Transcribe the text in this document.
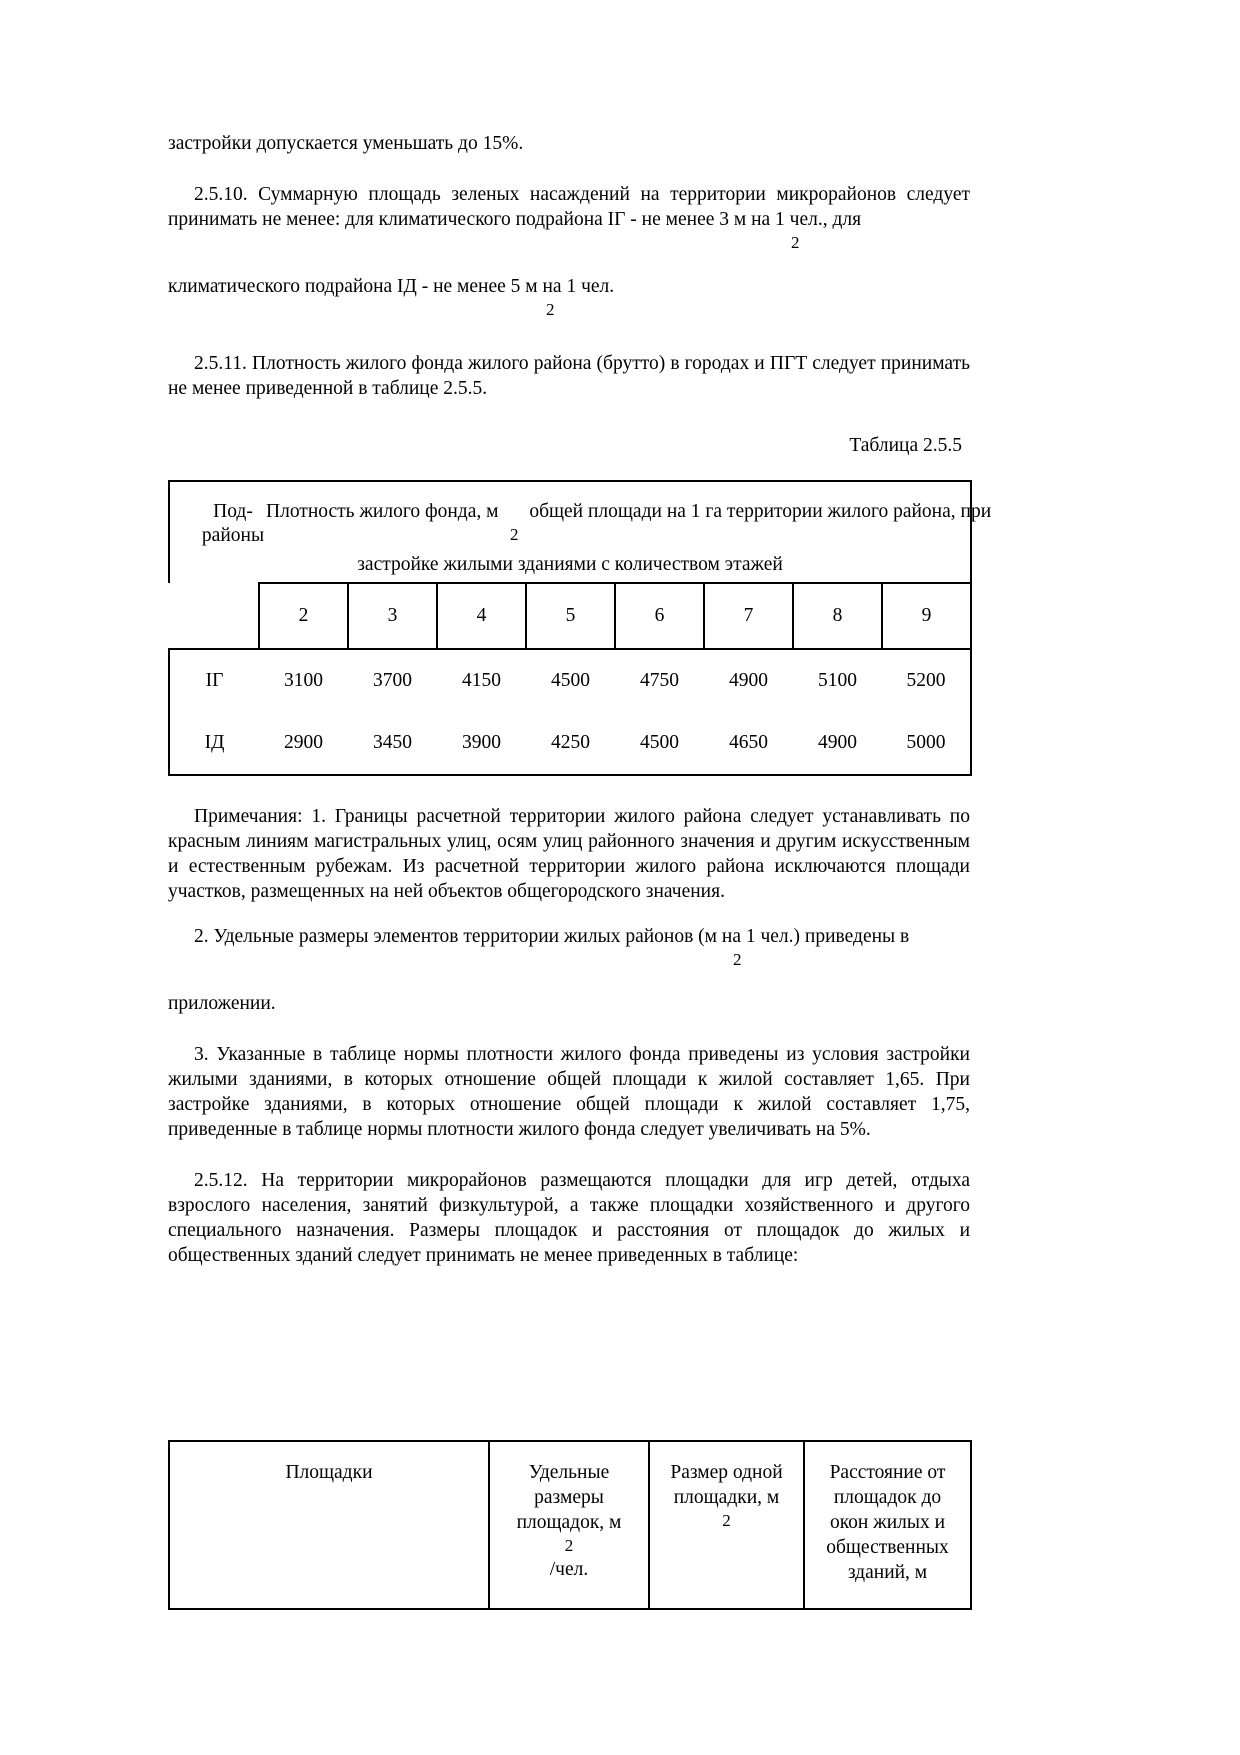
застройки допускается уменьшать до 15%.

2.5.10. Суммарную площадь зеленых насаждений на территории микрорайонов следует принимать не менее: для климатического подрайона IГ - не менее 3 м на 1 чел., для

2

климатического подрайона IД - не менее 5 м на 1 чел.

2

2.5.11. Плотность жилого фонда жилого района (брутто) в городах и ПГТ следует принимать не менее приведенной в таблице 2.5.5.

Таблица 2.5.5

Под-
районы
Плотность жилого фонда, м общей площади на 1 га территории жилого района, при
2
застройке жилыми зданиями с количеством этажей								

	2	3	4	5	6	7	8	9
IГ	3100	3700	4150	4500	4750	4900	5100	5200
IД	2900	3450	3900	4250	4500	4650	4900	5000

Примечания: 1. Границы расчетной территории жилого района следует устанавливать по красным линиям магистральных улиц, осям улиц районного значения и другим искусственным и естественным рубежам. Из расчетной территории жилого района исключаются площади участков, размещенных на ней объектов общегородского значения.

2. Удельные размеры элементов территории жилых районов (м на 1 чел.) приведены в

2

приложении.

3. Указанные в таблице нормы плотности жилого фонда приведены из условия застройки жилыми зданиями, в которых отношение общей площади к жилой составляет 1,65. При застройке зданиями, в которых отношение общей площади к жилой составляет 1,75, приведенные в таблице нормы плотности жилого фонда следует увеличивать на 5%.

2.5.12. На территории микрорайонов размещаются площадки для игр детей, отдыха взрослого населения, занятий физкультурой, а также площадки хозяйственного и другого специального назначения. Размеры площадок и расстояния от площадок до жилых и общественных зданий следует принимать не менее приведенных в таблице:

Площадки	Удельные
размеры
площадок, м
2
/чел.	Размер одной
площадки, м
2
	Расстояние от
площадок до
окон жилых и
общественных
зданий, м
